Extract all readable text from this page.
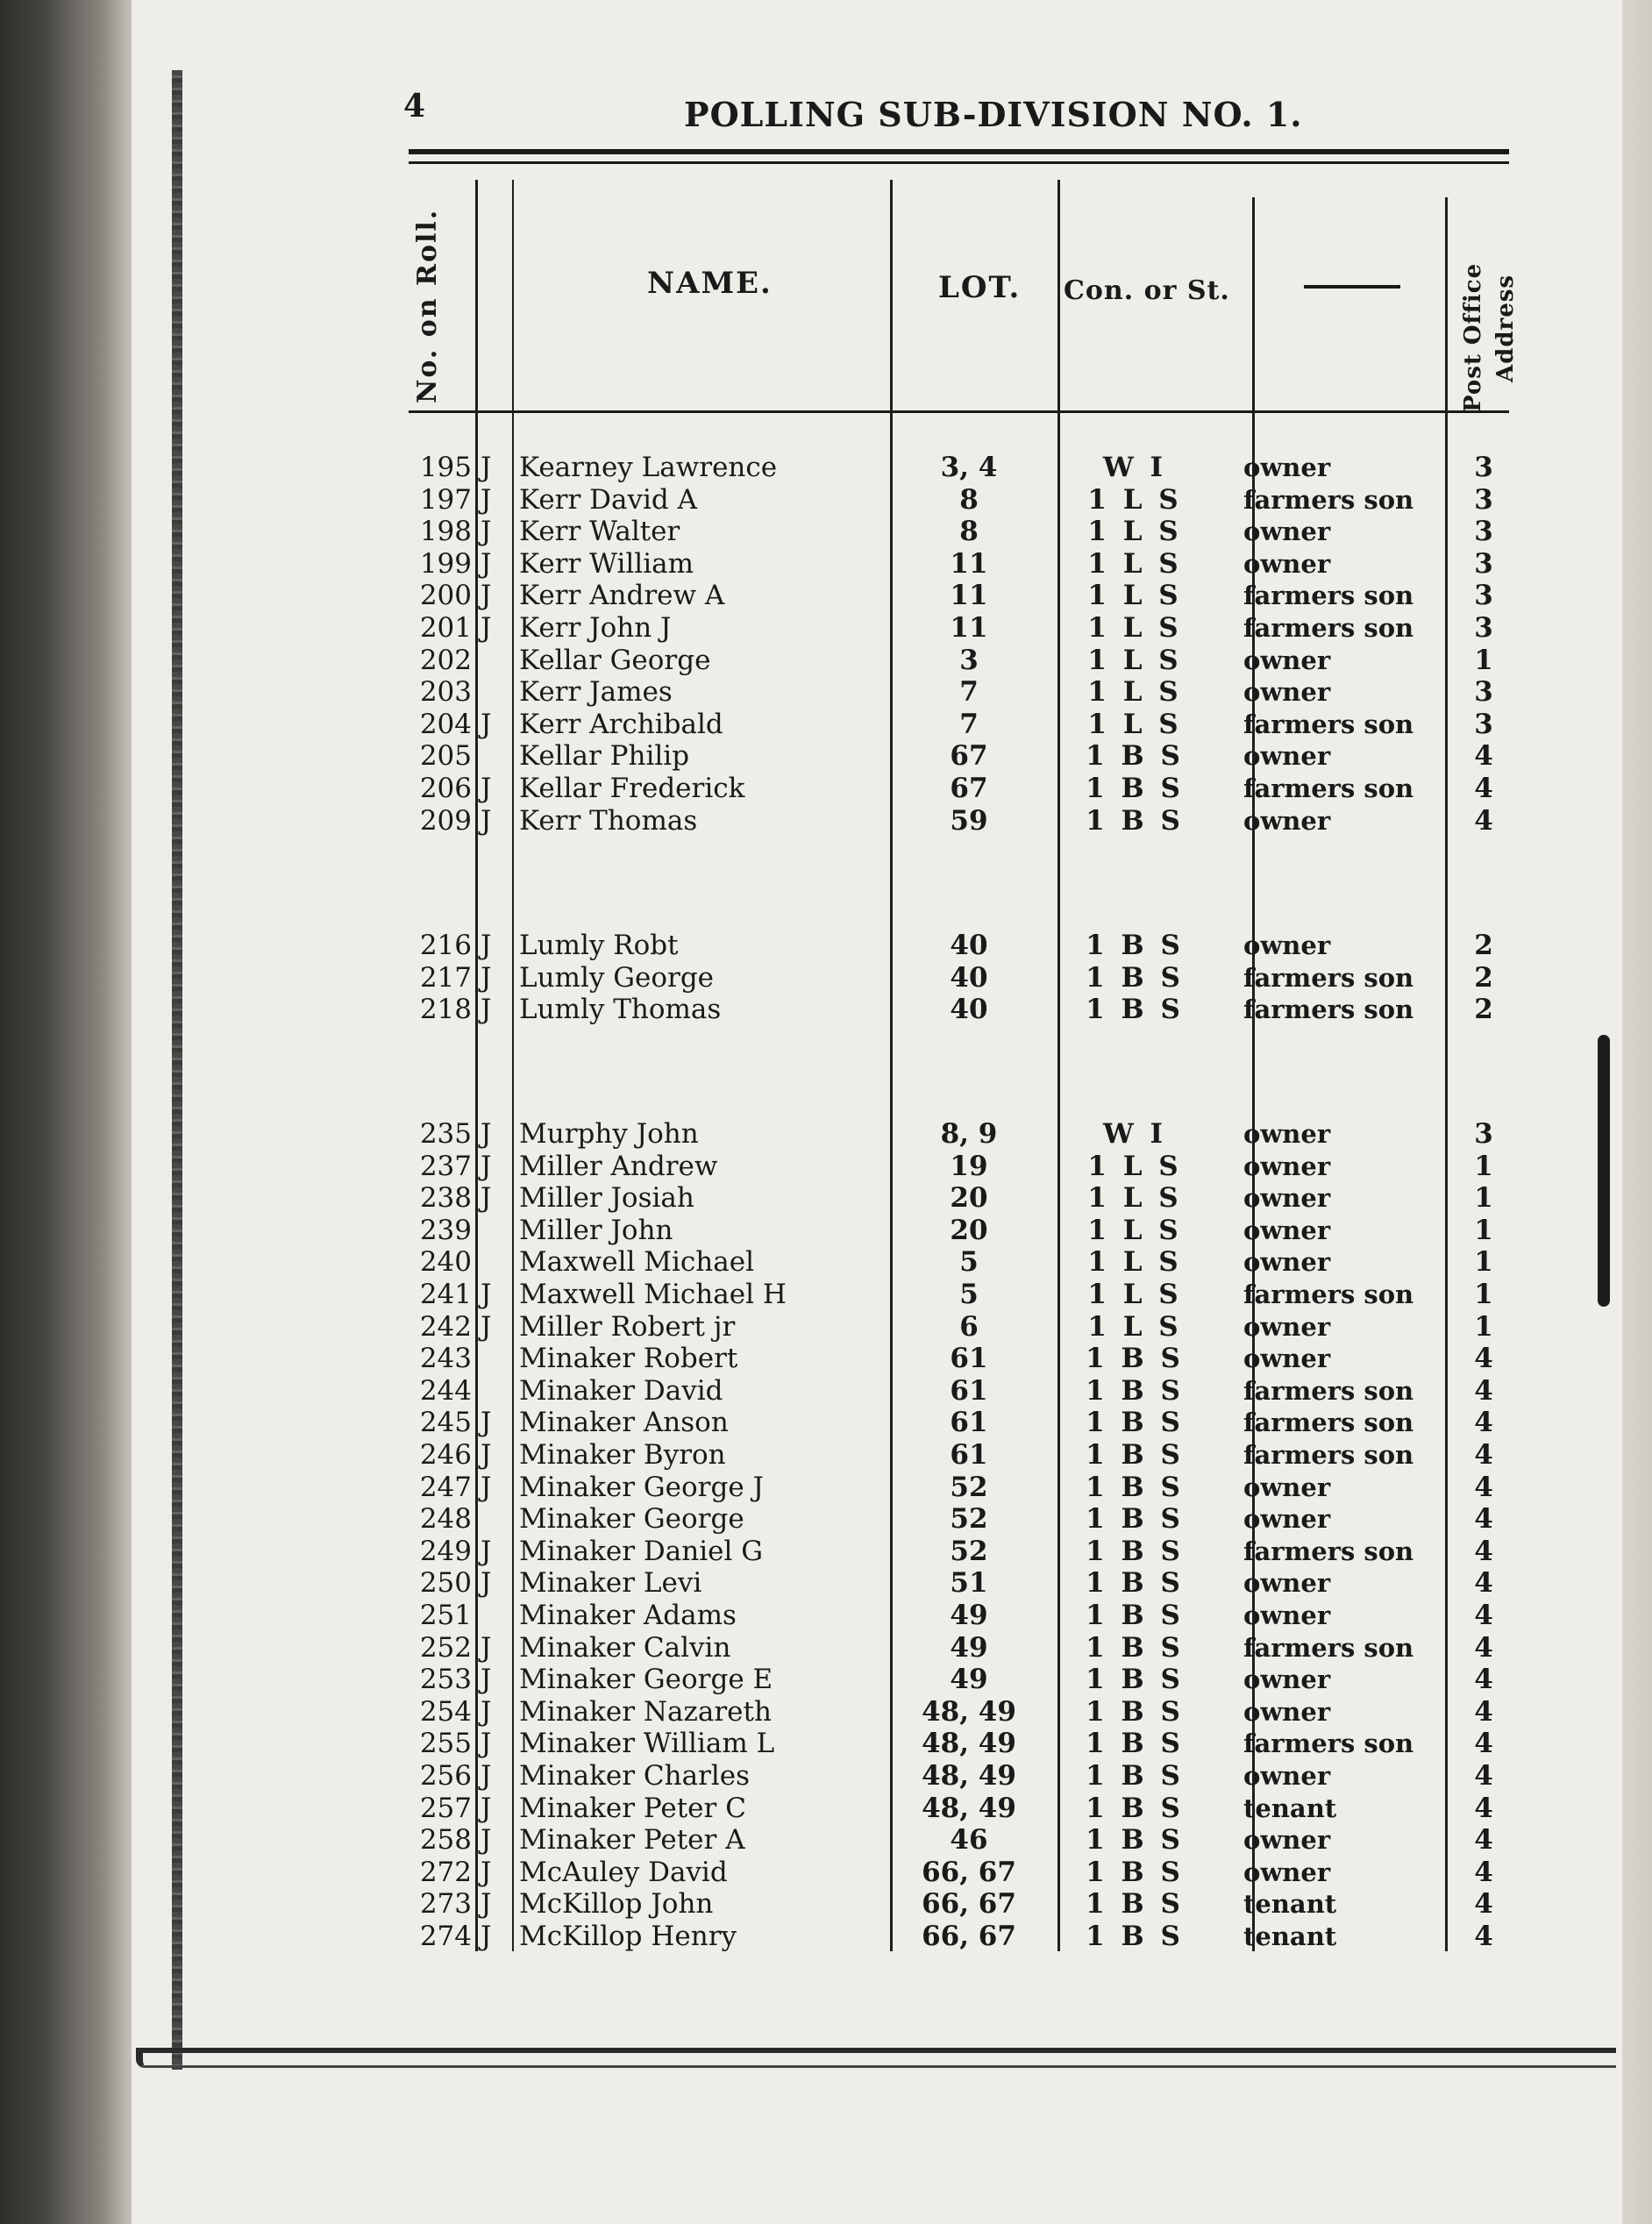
4	POLLING SUB-DIVISION NO. 1.
No. on Roll.	NAME.	LOT. Con. or St.	Post Office Address
195 J Kearney Lawrence	3, 4	W I	owner	3
197 J Kerr David A	8	1 L S	farmers son 3
198 J Kerr Walter	8	1 L S	owner	3
199 J Kerr William	11	1 L S	owner	3
200 J Kerr Andrew A	11	1 L S	farmers son 3
201 J Kerr John J	11	1 L S	farmers son 3
202 Kellar George	3	1 L S	owner	1
203 Kerr James	7	1 L S	owner	3
204 J Kerr Archibald	7	1 L S	farmers son 3
205 Kellar Philip	67	1 B S	owner	4
206 J Kellar Frederick	67	1 B S	farmers son 4
209 J Kerr Thomas	59	1 B S	owner	4
216 J Lumly Robt	40	1 B S	owner	2
217 J Lumly George	40	1 B S	farmers son 2
218 J Lumly Thomas	40	1 B S	farmers son 2
235 J Murphy John	8, 9	W I	owner	3
237 J Miller Andrew	19	1 L S	owner	1
238 J Miller Josiah	20	1 L S	owner	1
239 Miller John	20	1 L S	owner	1
240 Maxwell Michael	5	1 L S	owner	1
241 J Maxwell Michael H	5	1 L S	farmers son 1
242 J Miller Robert jr	6	1 L S	owner	1
243 Minaker Robert	61	1 B S	owner	4
244 Minaker David	61	1 B S	farmers son 4
245 J Minaker Anson	61	1 B S	farmers son 4
246 J Minaker Byron	61	1 B S	farmers son 4
247 J Minaker George J	52	1 B S	owner	4
248 Minaker George	52	1 B S	owner	4
249 J Minaker Daniel G	52	1 B S	farmers son 4
250 J Minaker Levi	51	1 B S	owner	4
251 Minaker Adams	49	1 B S	owner	4
252 J Minaker Calvin	49	1 B S	farmers son 4
253 J Minaker George E	49	1 B S	owner	4
254 J Minaker Nazareth	48, 49	1 B S	owner	4
255 J Minaker William L	48, 49	1 B S	farmers son 4
256 J Minaker Charles	48, 49	1 B S	owner	4
257 J Minaker Peter C	48, 49	1 B S	tenant	4
258 J Minaker Peter A	46	1 B S	owner	4
272 J McAuley David	66, 67	1 B S	owner	4
273 J McKillop John	66, 67	1 B S	tenant	4
274 J McKillop Henry	66, 67	1 B S	tenant	4
